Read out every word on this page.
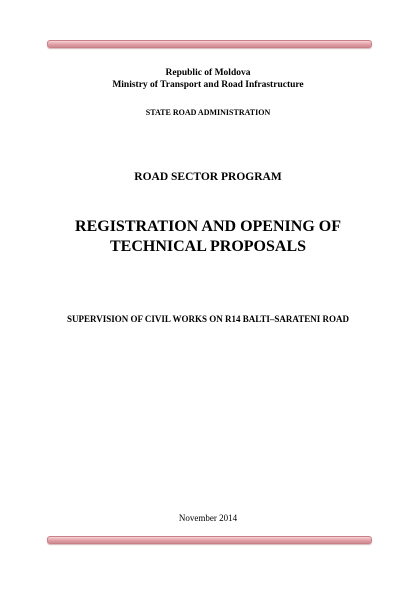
Republic of Moldova
Ministry of Transport and Road Infrastructure
STATE ROAD ADMINISTRATION
ROAD SECTOR PROGRAM
REGISTRATION AND OPENING OF
TECHNICAL PROPOSALS
SUPERVISION OF CIVIL WORKS ON R14 BALTI–SARATENI ROAD
November 2014
